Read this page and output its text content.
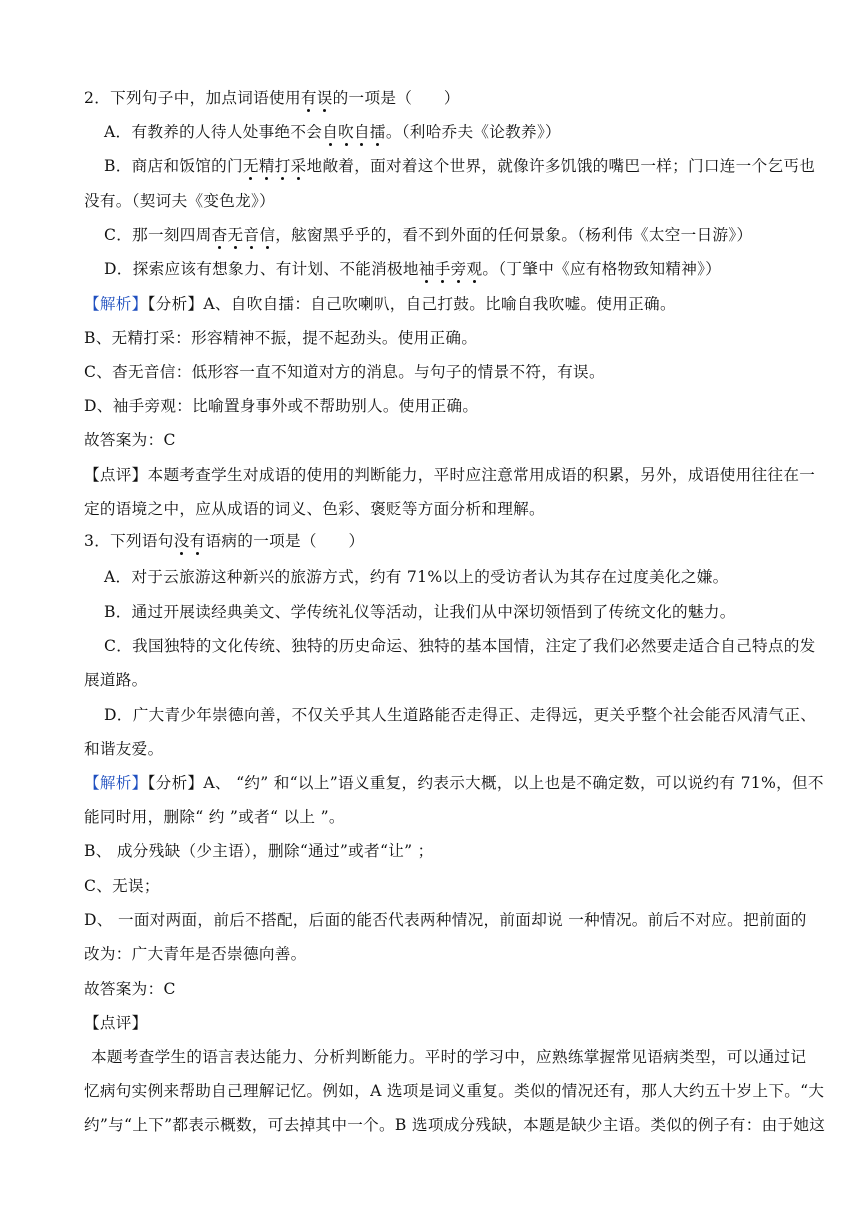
2．下列句子中，加点词语使用有误的一项是（　　）
A．有教养的人待人处事绝不会自吹自擂。（利哈乔夫《论教养》）
B．商店和饭馆的门无精打采地敞着，面对着这个世界，就像许多饥饿的嘴巴一样；门口连一个乞丐也
没有。（契诃夫《变色龙》）
C．那一刻四周杳无音信，舷窗黑乎乎的，看不到外面的任何景象。（杨利伟《太空一日游》）
D．探索应该有想象力、有计划、不能消极地袖手旁观。（丁肇中《应有格物致知精神》）
【解析】【分析】A、自吹自擂：自己吹喇叭，自己打鼓。比喻自我吹嘘。使用正确。
B、无精打采：形容精神不振，提不起劲头。使用正确。
C、杳无音信：低形容一直不知道对方的消息。与句子的情景不符，有误。
D、袖手旁观：比喻置身事外或不帮助别人。使用正确。
故答案为：C
【点评】本题考查学生对成语的使用的判断能力，平时应注意常用成语的积累，另外，成语使用往往在一
定的语境之中，应从成语的词义、色彩、褒贬等方面分析和理解。
3．下列语句没有语病的一项是（　　）
A．对于云旅游这种新兴的旅游方式，约有 71%以上的受访者认为其存在过度美化之嫌。
B．通过开展读经典美文、学传统礼仪等活动，让我们从中深切领悟到了传统文化的魅力。
C．我国独特的文化传统、独特的历史命运、独特的基本国情，注定了我们必然要走适合自己特点的发
展道路。
D．广大青少年崇德向善，不仅关乎其人生道路能否走得正、走得远，更关乎整个社会能否风清气正、
和谐友爱。
【解析】【分析】A、 “约” 和“以上”语义重复，约表示大概，以上也是不确定数，可以说约有 71%，但不
能同时用，删除“ 约 ”或者“ 以上 ”。
B、 成分残缺（少主语），删除“通过”或者“让” ；
C、无误；
D、 一面对两面，前后不搭配，后面的能否代表两种情况，前面却说 一种情况。前后不对应。把前面的
改为：广大青年是否崇德向善。
故答案为：C
【点评】
本题考查学生的语言表达能力、分析判断能力。平时的学习中，应熟练掌握常见语病类型，可以通过记
忆病句实例来帮助自己理解记忆。例如，A 选项是词义重复。类似的情况还有，那人大约五十岁上下。“大
约”与“上下”都表示概数，可去掉其中一个。B 选项成分残缺，本题是缺少主语。类似的例子有：由于她这
